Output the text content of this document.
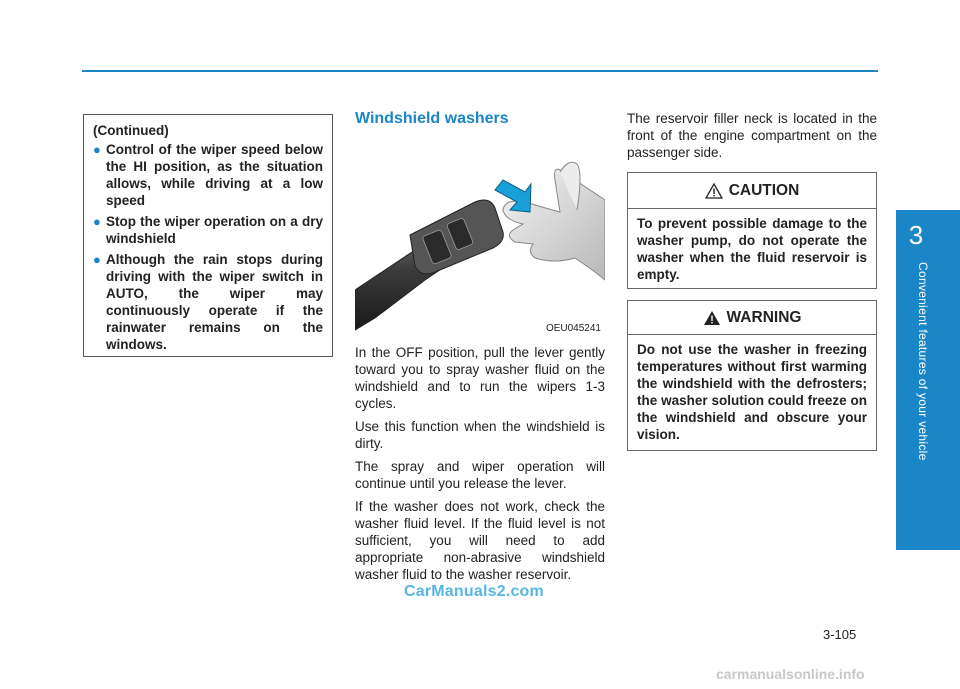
3
Convenient features of your vehicle
(Continued)
● Control of the wiper speed below the HI position, as the situation allows, while driving at a low speed
● Stop the wiper operation on a dry windshield
● Although the rain stops during driving with the wiper switch in AUTO, the wiper may continuously operate if the rainwater remains on the windows.
Windshield washers
OEU045241

In the OFF position, pull the lever gently toward you to spray washer fluid on the windshield and to run the wipers 1-3 cycles.

Use this function when the windshield is dirty.

The spray and wiper operation will continue until you release the lever.

If the washer does not work, check the washer fluid level. If the fluid level is not sufficient, you will need to add appropriate non-abrasive windshield washer fluid to the washer reservoir.

The reservoir filler neck is located in the front of the engine compartment on the passenger side.
CAUTION
To prevent possible damage to the washer pump, do not operate the washer when the fluid reservoir is empty.
WARNING
Do not use the washer in freezing temperatures without first warming the windshield with the defrosters; the washer solution could freeze on the windshield and obscure your vision.
CarManuals2.com
3-105
carmanualsonline.info
